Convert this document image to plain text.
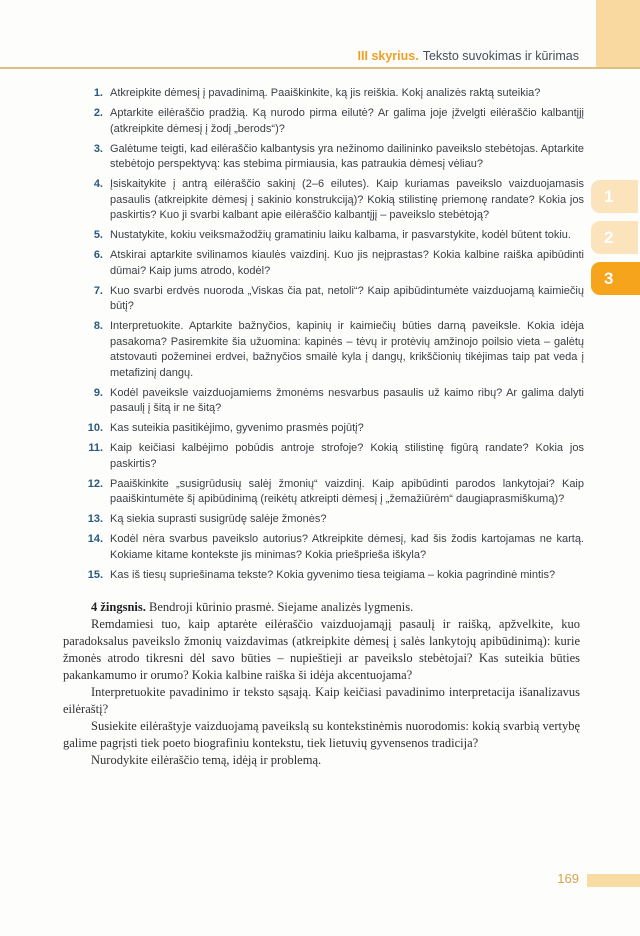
III skyrius. Teksto suvokimas ir kūrimas
1
2
3
1. Atkreipkite dėmesį į pavadinimą. Paaiškinkite, ką jis reiškia. Kokį analizės raktą suteikia?
2. Aptarkite eilėraščio pradžią. Ką nurodo pirma eilutė? Ar galima joje įžvelgti eilėraščio kalbantįjį (atkreipkite dėmesį į žodį „berods“)?
3. Galėtume teigti, kad eilėraščio kalbantysis yra nežinomo dailininko paveikslo stebėtojas. Aptarkite stebėtojo perspektyvą: kas stebima pirmiausia, kas patraukia dėmesį vėliau?
4. Įsiskaitykite į antrą eilėraščio sakinį (2–6 eilutes). Kaip kuriamas paveikslo vaizduojamasis pasaulis (atkreipkite dėmesį į sakinio konstrukciją)? Kokią stilistinę priemonę randate? Kokia jos paskirtis? Kuo ji svarbi kalbant apie eilėraščio kalbantįjį – paveikslo stebėtoją?
5. Nustatykite, kokiu veiksmažodžių gramatiniu laiku kalbama, ir pasvarstykite, kodėl būtent tokiu.
6. Atskirai aptarkite svilinamos kiaulės vaizdinį. Kuo jis neįprastas? Kokia kalbine raiška apibūdinti dūmai? Kaip jums atrodo, kodėl?
7. Kuo svarbi erdvės nuoroda „Viskas čia pat, netoli“? Kaip apibūdintumėte vaizduojamą kaimiečių būtį?
8. Interpretuokite. Aptarkite bažnyčios, kapinių ir kaimiečių būties darną paveiksle. Kokia idėja pasakoma? Pasiremkite šia užuomina: kapinės – tėvų ir protėvių amžinojo poilsio vieta – galėtų atstovauti požeminei erdvei, bažnyčios smailė kyla į dangų, krikščionių tikėjimas taip pat veda į metafizinį dangų.
9. Kodėl paveiksle vaizduojamiems žmonėms nesvarbus pasaulis už kaimo ribų? Ar galima dalyti pasaulį į šitą ir ne šitą?
10. Kas suteikia pasitikėjimo, gyvenimo prasmės pojūtį?
11. Kaip keičiasi kalbėjimo pobūdis antroje strofoje? Kokią stilistinę figūrą randate? Kokia jos paskirtis?
12. Paaiškinkite „susigrūdusių salėj žmonių“ vaizdinį. Kaip apibūdinti parodos lankytojai? Kaip paaiškintumėte šį apibūdinimą (reikėtų atkreipti dėmesį į „žemažiūrėm“ daugiaprasmiškumą)?
13. Ką siekia suprasti susigrūdę salėje žmonės?
14. Kodėl nėra svarbus paveikslo autorius? Atkreipkite dėmesį, kad šis žodis kartojamas ne kartą. Kokiame kitame kontekste jis minimas? Kokia priešprieša iškyla?
15. Kas iš tiesų supriešinama tekste? Kokia gyvenimo tiesa teigiama – kokia pagrindinė mintis?

4 žingsnis. Bendroji kūrinio prasmė. Siejame analizės lygmenis.

Remdamiesi tuo, kaip aptarėte eilėraščio vaizduojamąjį pasaulį ir raišką, apžvelkite, kuo paradoksalus paveikslo žmonių vaizdavimas (atkreipkite dėmesį į salės lankytojų apibūdinimą): kurie žmonės atrodo tikresni dėl savo būties – nupieštieji ar paveikslo stebėtojai? Kas suteikia būties pakankamumo ir orumo? Kokia kalbine raiška ši idėja akcentuojama?

Interpretuokite pavadinimo ir teksto sąsają. Kaip keičiasi pavadinimo interpretacija išanalizavus eilėraštį?

Susiekite eilėraštyje vaizduojamą paveikslą su kontekstinėmis nuorodomis: kokią svarbią vertybę galime pagrįsti tiek poeto biografiniu kontekstu, tiek lietuvių gyvensenos tradicija?

Nurodykite eilėraščio temą, idėją ir problemą.

169
